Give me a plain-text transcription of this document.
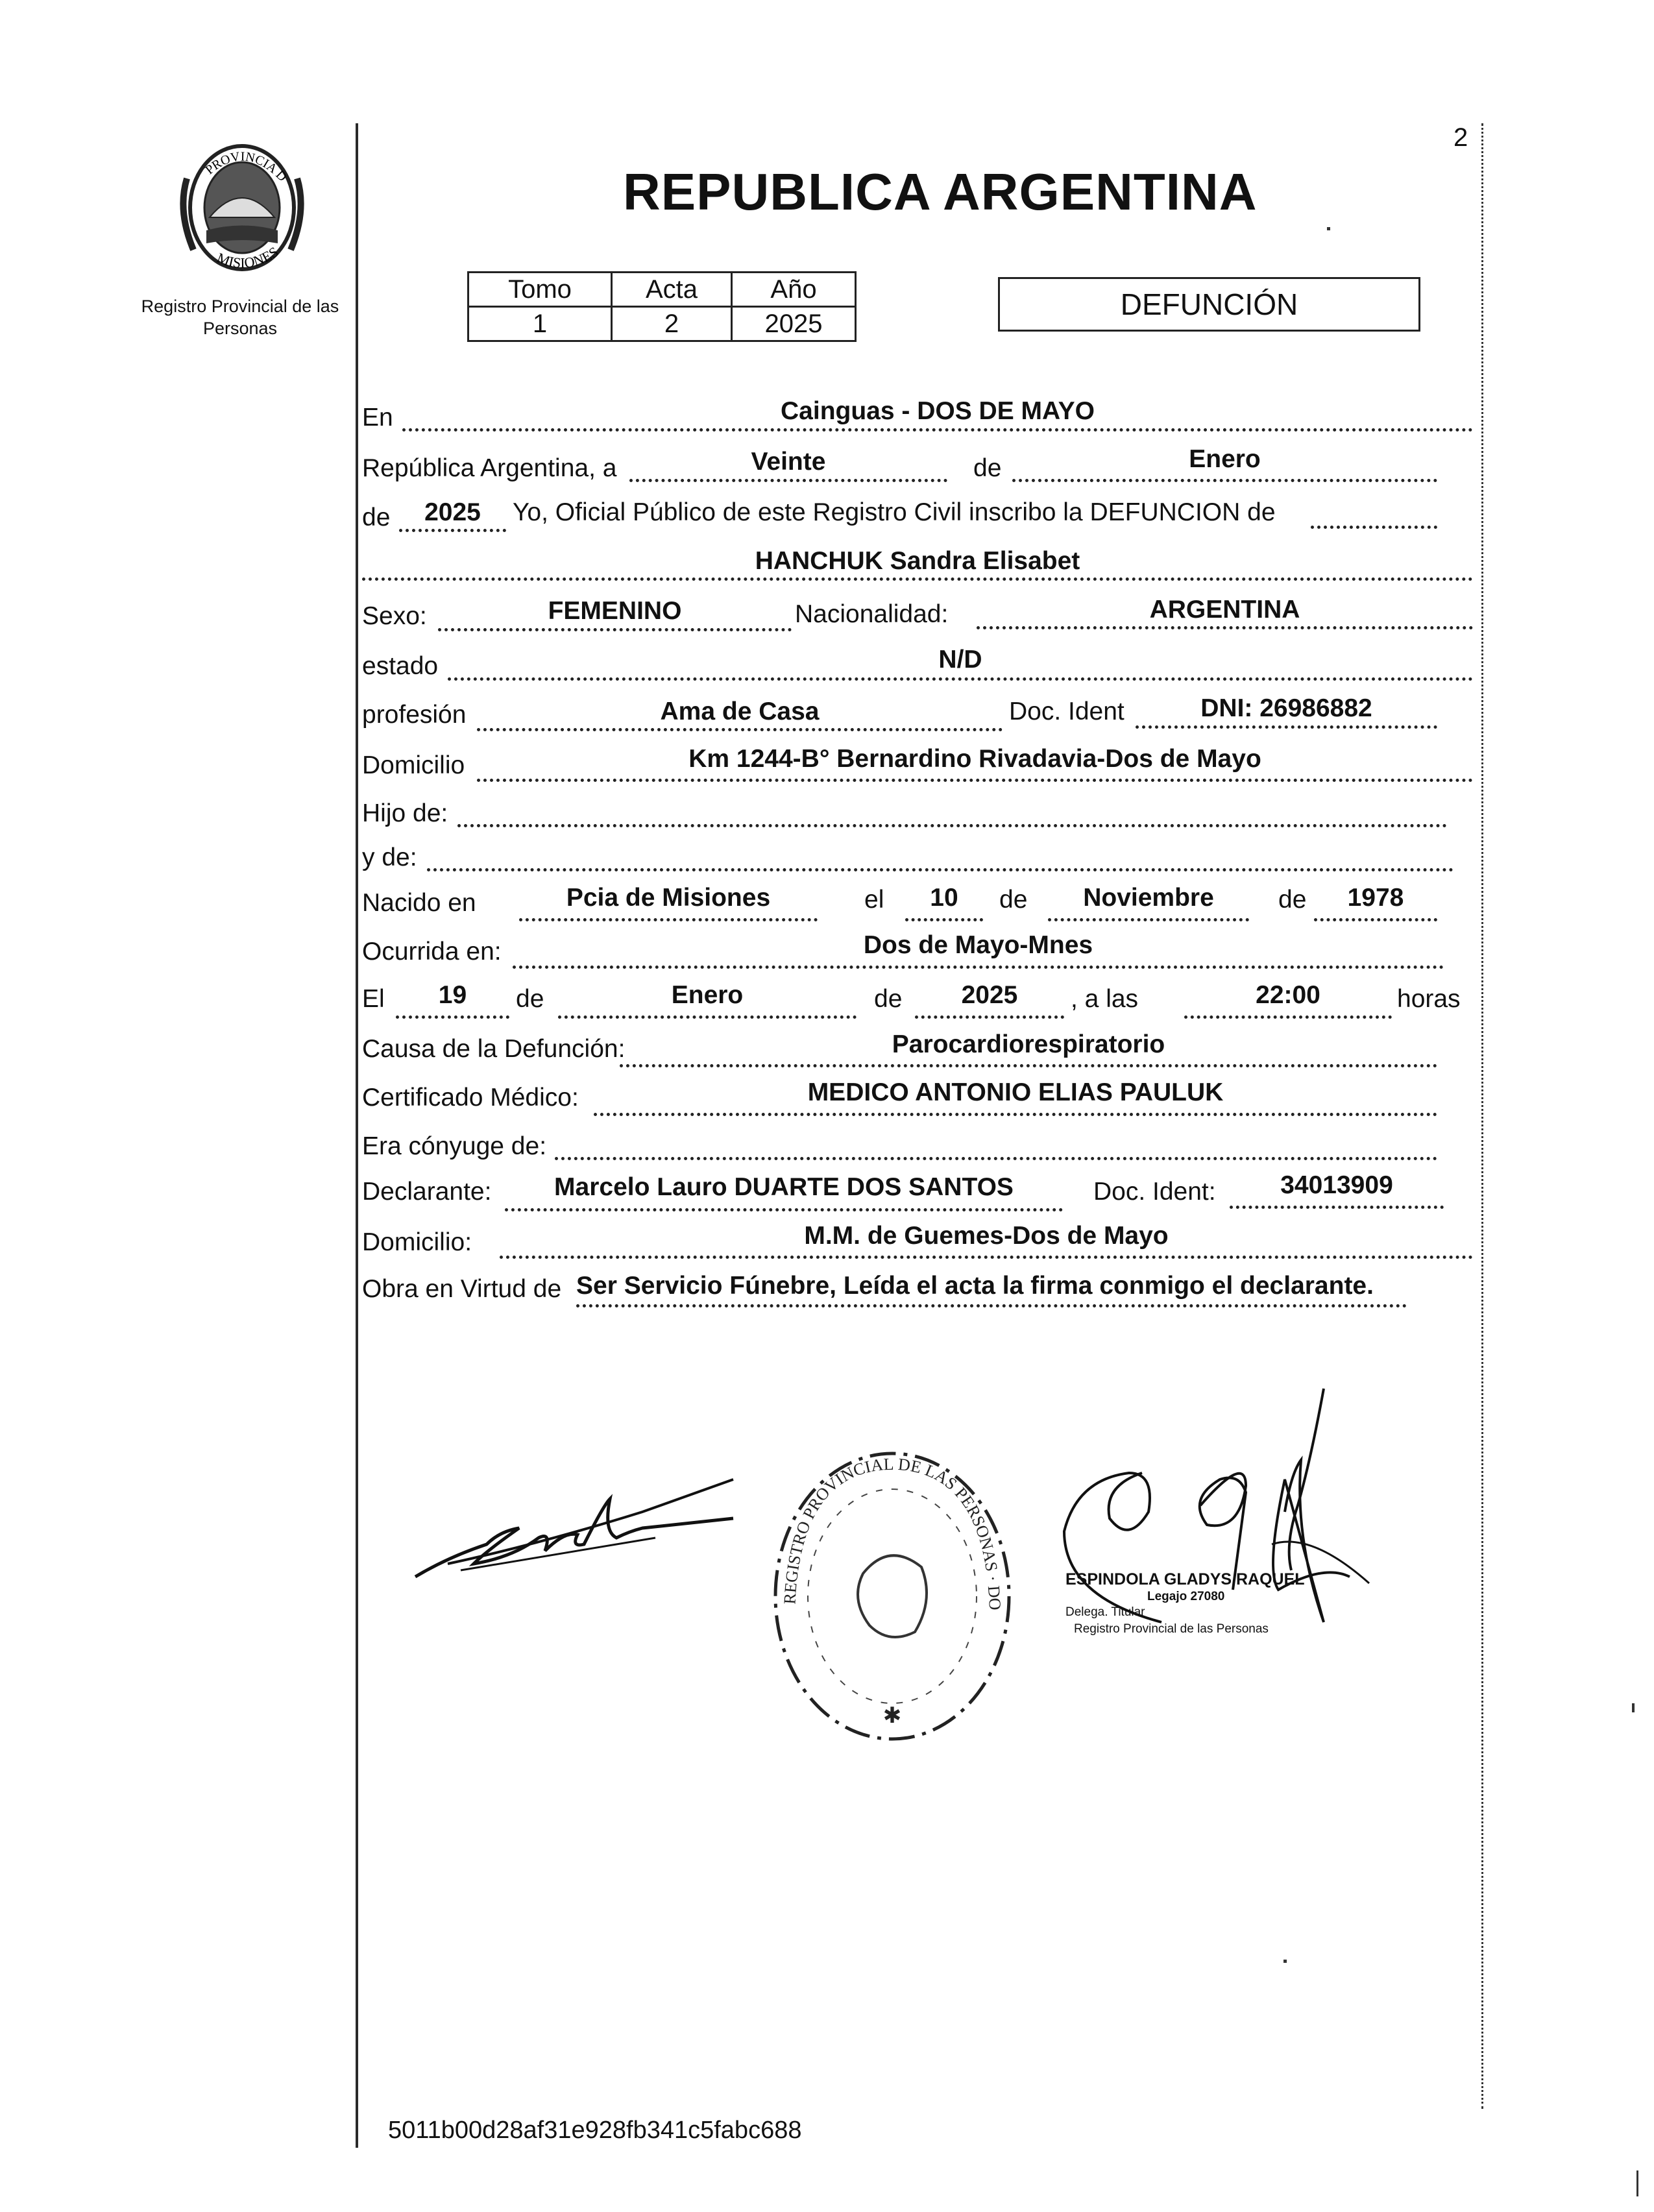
2
PROVINCIA D
MISIONES
Registro Provincial de las Personas
REPUBLICA ARGENTINA
Tomo	Acta	Año
1	2	2025
DEFUNCIÓN
En	Cainguas - DOS DE MAYO
República Argentina, a	Veinte	de	Enero
de	2025	Yo, Oficial Público de este Registro Civil inscribo la DEFUNCION de
HANCHUK Sandra Elisabet
Sexo:	FEMENINO	Nacionalidad:	ARGENTINA
estado	N/D
profesión	Ama de Casa	Doc. Ident	DNI: 26986882
Domicilio	Km 1244-B° Bernardino Rivadavia-Dos de Mayo
Hijo de:
y de:
Nacido en	Pcia de Misiones	el	10	de	Noviembre	de	1978
Ocurrida en:	Dos de Mayo-Mnes
El	19	de	Enero	de	2025	, a las	22:00	horas
Causa de la Defunción:	Parocardiorespiratorio
Certificado Médico:	MEDICO ANTONIO ELIAS PAULUK
Era cónyuge de:
Declarante:	Marcelo Lauro DUARTE DOS SANTOS	Doc. Ident:	34013909
Domicilio:	M.M. de Guemes-Dos de Mayo
Obra en Virtud de Ser Servicio Fúnebre, Leída el acta la firma conmigo el declarante.
REGISTRO PROVINCIAL DE LAS PERSONAS · DO
✱
ESPINDOLA GLADYS RAQUEL
Legajo 27080
Delega. Titular
Registro Provincial de las Personas
5011b00d28af31e928fb341c5fabc688
